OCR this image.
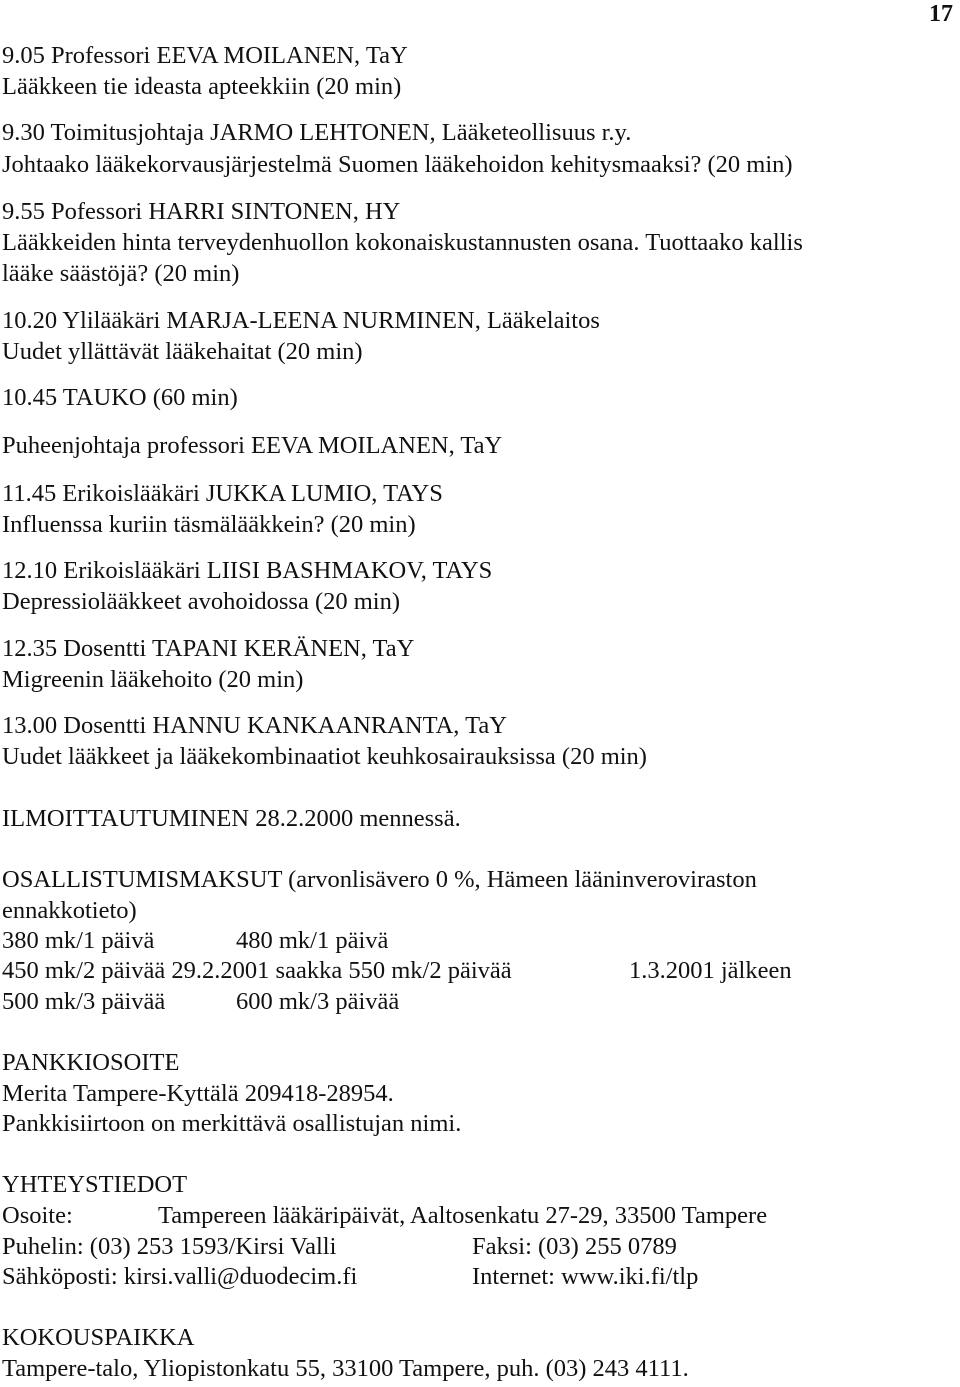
17
9.05 Professori EEVA MOILANEN, TaY
Lääkkeen tie ideasta apteekkiin (20 min)
9.30 Toimitusjohtaja JARMO LEHTONEN, Lääketeollisuus r.y.
Johtaako lääkekorvausjärjestelmä Suomen lääkehoidon kehitysmaaksi? (20 min)
9.55 Pofessori HARRI SINTONEN, HY
Lääkkeiden hinta terveydenhuollon kokonaiskustannusten osana. Tuottaako kallis
lääke säästöjä? (20 min)
10.20 Ylilääkäri MARJA-LEENA NURMINEN, Lääkelaitos
Uudet yllättävät lääkehaitat (20 min)
10.45 TAUKO (60 min)
Puheenjohtaja professori EEVA MOILANEN, TaY
11.45 Erikoislääkäri JUKKA LUMIO, TAYS
Influenssa kuriin täsmälääkkein? (20 min)
12.10 Erikoislääkäri LIISI BASHMAKOV, TAYS
Depressiolääkkeet avohoidossa (20 min)
12.35 Dosentti TAPANI KERÄNEN, TaY
Migreenin lääkehoito (20 min)
13.00 Dosentti HANNU KANKAANRANTA, TaY
Uudet lääkkeet ja lääkekombinaatiot keuhkosairauksissa (20 min)
ILMOITTAUTUMINEN 28.2.2000 mennessä.
OSALLISTUMISMAKSUT (arvonlisävero 0 %, Hämeen lääninveroviraston
ennakkotieto)
380 mk/1 päivä	480 mk/1 päivä
450 mk/2 päivää 29.2.2001 saakka 550 mk/2 päivää	1.3.2001 jälkeen
500 mk/3 päivää	600 mk/3 päivää
PANKKIOSOITE
Merita Tampere-Kyttälä 209418-28954.
Pankkisiirtoon on merkittävä osallistujan nimi.
YHTEYSTIEDOT
Osoite:	Tampereen lääkäripäivät, Aaltosenkatu 27-29, 33500 Tampere
Puhelin: (03) 253 1593/Kirsi Valli	Faksi: (03) 255 0789
Sähköposti: kirsi.valli@duodecim.fi	Internet: www.iki.fi/tlp
KOKOUSPAIKKA
Tampere-talo, Yliopistonkatu 55, 33100 Tampere, puh. (03) 243 4111.
